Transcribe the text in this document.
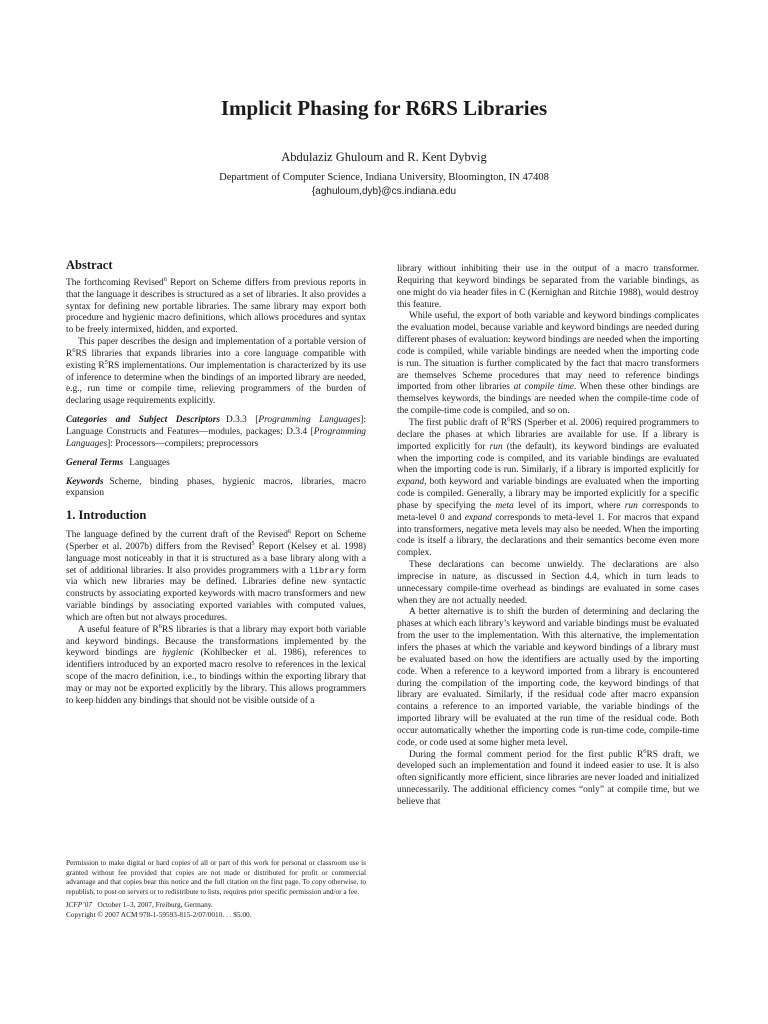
Implicit Phasing for R6RS Libraries
Abdulaziz Ghuloum and R. Kent Dybvig
Department of Computer Science, Indiana University, Bloomington, IN 47408
{aghuloum,dyb}@cs.indiana.edu
Abstract

The forthcoming Revised$^6$ Report on Scheme differs from previous reports in that the language it describes is structured as a set of libraries. It also provides a syntax for defining new portable libraries. The same library may export both procedure and hygienic macro definitions, which allows procedures and syntax to be freely intermixed, hidden, and exported.

This paper describes the design and implementation of a portable version of $R^6RS$ libraries that expands libraries into a core language compatible with existing $R^5RS$ implementations. Our implementation is characterized by its use of inference to determine when the bindings of an imported library are needed, e.g., run time or compile time, relieving programmers of the burden of declaring usage requirements explicitly.

Categories and Subject Descriptors D.3.3 [Programming Languages]: Language Constructs and Features—modules, packages; D.3.4 [Programming Languages]: Processors—compilers; preprocessors

General Terms Languages

Keywords Scheme, binding phases, hygienic macros, libraries, macro expansion

1. Introduction

The language defined by the current draft of the Revised$^6$ Report on Scheme (Sperber et al. 2007b) differs from the Revised$^5$ Report (Kelsey et al. 1998) language most noticeably in that it is structured as a base library along with a set of additional libraries. It also provides programmers with a library form via which new libraries may be defined. Libraries define new syntactic constructs by associating exported keywords with macro transformers and new variable bindings by associating exported variables with computed values, which are often but not always procedures.

A useful feature of $R^6RS$ libraries is that a library may export both variable and keyword bindings. Because the transformations implemented by the keyword bindings are hygienic (Kohlbecker et al. 1986), references to identifiers introduced by an exported macro resolve to references in the lexical scope of the macro definition, i.e., to bindings within the exporting library that may or may not be exported explicitly by the library. This allows programmers to keep hidden any bindings that should not be visible outside of a

library without inhibiting their use in the output of a macro transformer. Requiring that keyword bindings be separated from the variable bindings, as one might do via header files in C (Kernighan and Ritchie 1988), would destroy this feature.

While useful, the export of both variable and keyword bindings complicates the evaluation model, because variable and keyword bindings are needed during different phases of evaluation: keyword bindings are needed when the importing code is compiled, while variable bindings are needed when the importing code is run. The situation is further complicated by the fact that macro transformers are themselves Scheme procedures that may need to reference bindings imported from other libraries at compile time. When these other bindings are themselves keywords, the bindings are needed when the compile-time code of the compile-time code is compiled, and so on.

The first public draft of $R^6RS$ (Sperber et al. 2006) required programmers to declare the phases at which libraries are available for use. If a library is imported explicitly for run (the default), its keyword bindings are evaluated when the importing code is compiled, and its variable bindings are evaluated when the importing code is run. Similarly, if a library is imported explicitly for expand, both keyword and variable bindings are evaluated when the importing code is compiled. Generally, a library may be imported explicitly for a specific phase by specifying the meta level of its import, where run corresponds to meta-level 0 and expand corresponds to meta-level 1. For macros that expand into transformers, negative meta levels may also be needed. When the importing code is itself a library, the declarations and their semantics become even more complex.

These declarations can become unwieldy. The declarations are also imprecise in nature, as discussed in Section 4.4, which in turn leads to unnecessary compile-time overhead as bindings are evaluated in some cases when they are not actually needed.

A better alternative is to shift the burden of determining and declaring the phases at which each library’s keyword and variable bindings must be evaluated from the user to the implementation. With this alternative, the implementation infers the phases at which the variable and keyword bindings of a library must be evaluated based on how the identifiers are actually used by the importing code. When a reference to a keyword imported from a library is encountered during the compilation of the importing code, the keyword bindings of that library are evaluated. Similarly, if the residual code after macro expansion contains a reference to an imported variable, the variable bindings of the imported library will be evaluated at the run time of the residual code. Both occur automatically whether the importing code is run-time code, compile-time code, or code used at some higher meta level.

During the formal comment period for the first public $R^6RS$ draft, we developed such an implementation and found it indeed easier to use. It is also often significantly more efficient, since libraries are never loaded and initialized unnecessarily. The additional efficiency comes “only” at compile time, but we believe that

Permission to make digital or hard copies of all or part of this work for personal or classroom use is granted without fee provided that copies are not made or distributed for profit or commercial advantage and that copies bear this notice and the full citation on the first page. To copy otherwise, to republish, to post on servers or to redistribute to lists, requires prior specific permission and/or a fee.
ICFP’07 October 1–3, 2007, Freiburg, Germany.
Copyright © 2007 ACM 978-1-59593-815-2/07/0010. . . $5.00.
